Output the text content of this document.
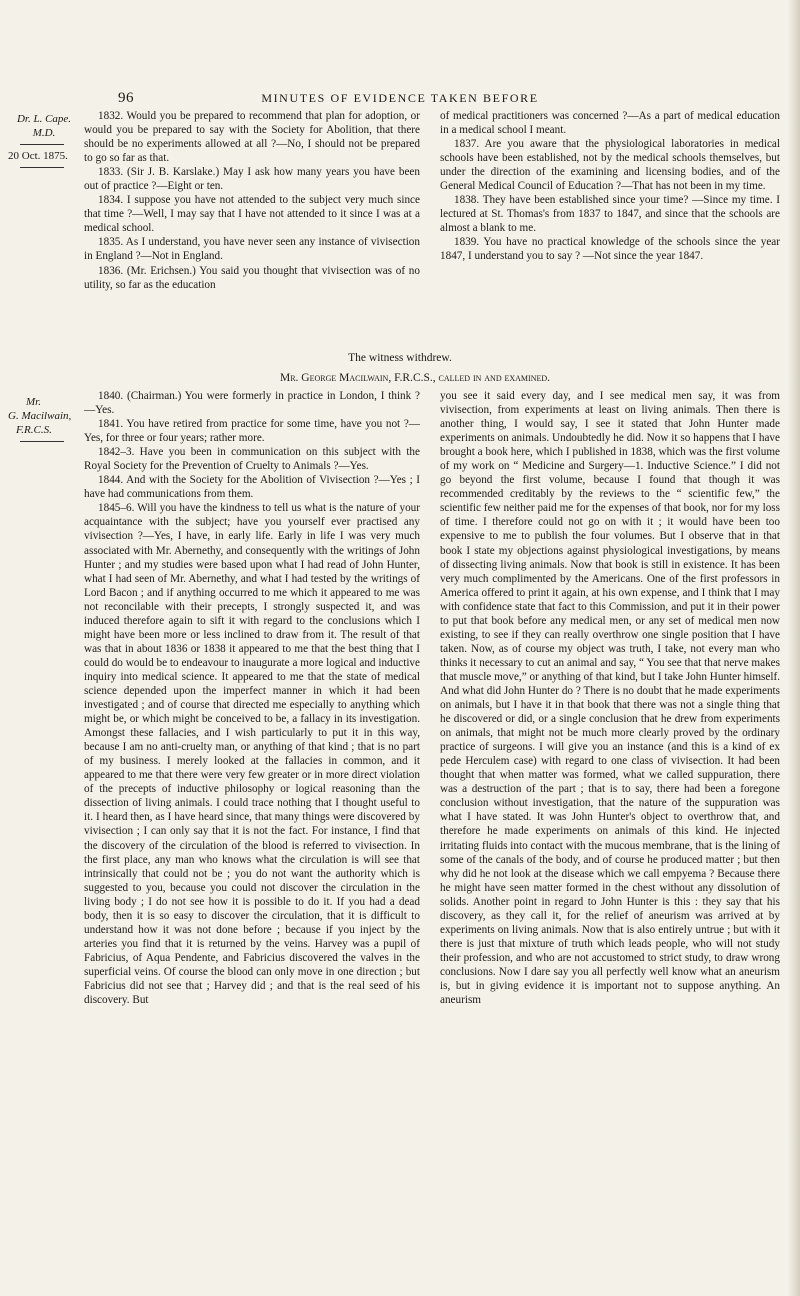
96	MINUTES OF EVIDENCE TAKEN BEFORE
Dr. L. Cape.
M.D.
20 Oct. 1875.
Mr.
G. Macilwain,
F.R.C.S.

1832. Would you be prepared to recommend that plan for adoption, or would you be prepared to say with the Society for Abolition, that there should be no experiments allowed at all ?—No, I should not be prepared to go so far as that.

1833. (Sir J. B. Karslake.) May I ask how many years you have been out of practice ?—Eight or ten.

1834. I suppose you have not attended to the subject very much since that time ?—Well, I may say that I have not attended to it since I was at a medical school.

1835. As I understand, you have never seen any instance of vivisection in England ?—Not in England.

1836. (Mr. Erichsen.) You said you thought that vivisection was of no utility, so far as the education

of medical practitioners was concerned ?—As a part of medical education in a medical school I meant.

1837. Are you aware that the physiological laboratories in medical schools have been established, not by the medical schools themselves, but under the direction of the examining and licensing bodies, and of the General Medical Council of Education ?—That has not been in my time.

1838. They have been established since your time? —Since my time. I lectured at St. Thomas's from 1837 to 1847, and since that the schools are almost a blank to me.

1839. You have no practical knowledge of the schools since the year 1847, I understand you to say ? —Not since the year 1847.

The witness withdrew.
Mr. George Macilwain, F.R.C.S., called in and examined.

1840. (Chairman.) You were formerly in practice in London, I think ?—Yes.

1841. You have retired from practice for some time, have you not ?—Yes, for three or four years; rather more.

1842–3. Have you been in communication on this subject with the Royal Society for the Prevention of Cruelty to Animals ?—Yes.

1844. And with the Society for the Abolition of Vivisection ?—Yes ; I have had communications from them.

1845–6. Will you have the kindness to tell us what is the nature of your acquaintance with the subject; have you yourself ever practised any vivisection ?—Yes, I have, in early life. Early in life I was very much associated with Mr. Abernethy, and consequently with the writings of John Hunter ; and my studies were based upon what I had read of John Hunter, what I had seen of Mr. Abernethy, and what I had tested by the writings of Lord Bacon ; and if anything occurred to me which it appeared to me was not reconcilable with their precepts, I strongly suspected it, and was induced therefore again to sift it with regard to the conclusions which I might have been more or less inclined to draw from it. The result of that was that in about 1836 or 1838 it appeared to me that the best thing that I could do would be to endeavour to inaugurate a more logical and inductive inquiry into medical science. It appeared to me that the state of medical science depended upon the imperfect manner in which it had been investigated ; and of course that directed me especially to anything which might be, or which might be conceived to be, a fallacy in its investigation. Amongst these fallacies, and I wish particularly to put it in this way, because I am no anti-cruelty man, or anything of that kind ; that is no part of my business. I merely looked at the fallacies in common, and it appeared to me that there were very few greater or in more direct violation of the precepts of inductive philosophy or logical reasoning than the dissection of living animals. I could trace nothing that I thought useful to it. I heard then, as I have heard since, that many things were discovered by vivisection ; I can only say that it is not the fact. For instance, I find that the discovery of the circulation of the blood is referred to vivisection. In the first place, any man who knows what the circulation is will see that intrinsically that could not be ; you do not want the authority which is suggested to you, because you could not discover the circulation in the living body ; I do not see how it is possible to do it. If you had a dead body, then it is so easy to discover the circulation, that it is difficult to understand how it was not done before ; because if you inject by the arteries you find that it is returned by the veins. Harvey was a pupil of Fabricius, of Aqua Pendente, and Fabricius discovered the valves in the superficial veins. Of course the blood can only move in one direction ; but Fabricius did not see that ; Harvey did ; and that is the real seed of his discovery. But

you see it said every day, and I see medical men say, it was from vivisection, from experiments at least on living animals. Then there is another thing, I would say, I see it stated that John Hunter made experiments on animals. Undoubtedly he did. Now it so happens that I have brought a book here, which I published in 1838, which was the first volume of my work on “ Medicine and Surgery—1. Inductive Science.” I did not go beyond the first volume, because I found that though it was recommended creditably by the reviews to the “ scientific few,” the scientific few neither paid me for the expenses of that book, nor for my loss of time. I therefore could not go on with it ; it would have been too expensive to me to publish the four volumes. But I observe that in that book I state my objections against physiological investigations, by means of dissecting living animals. Now that book is still in existence. It has been very much complimented by the Americans. One of the first professors in America offered to print it again, at his own expense, and I think that I may with confidence state that fact to this Commission, and put it in their power to put that book before any medical men, or any set of medical men now existing, to see if they can really overthrow one single position that I have taken. Now, as of course my object was truth, I take, not every man who thinks it necessary to cut an animal and say, “ You see that that nerve makes that muscle move,” or anything of that kind, but I take John Hunter himself. And what did John Hunter do ? There is no doubt that he made experiments on animals, but I have it in that book that there was not a single thing that he discovered or did, or a single conclusion that he drew from experiments on animals, that might not be much more clearly proved by the ordinary practice of surgeons. I will give you an instance (and this is a kind of ex pede Herculem case) with regard to one class of vivisection. It had been thought that when matter was formed, what we called suppuration, there was a destruction of the part ; that is to say, there had been a foregone conclusion without investigation, that the nature of the suppuration was what I have stated. It was John Hunter's object to overthrow that, and therefore he made experiments on animals of this kind. He injected irritating fluids into contact with the mucous membrane, that is the lining of some of the canals of the body, and of course he produced matter ; but then why did he not look at the disease which we call empyema ? Because there he might have seen matter formed in the chest without any dissolution of solids. Another point in regard to John Hunter is this : they say that his discovery, as they call it, for the relief of aneurism was arrived at by experiments on living animals. Now that is also entirely untrue ; but with it there is just that mixture of truth which leads people, who will not study their profession, and who are not accustomed to strict study, to draw wrong conclusions. Now I dare say you all perfectly well know what an aneurism is, but in giving evidence it is important not to suppose anything. An aneurism
